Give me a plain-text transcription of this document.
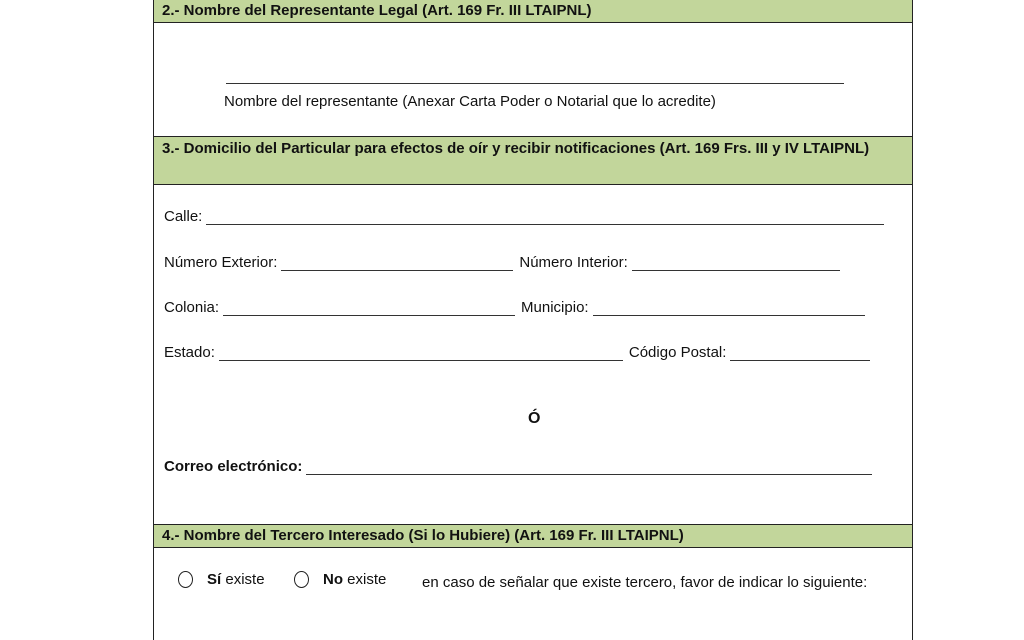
2.- Nombre del Representante Legal (Art. 169 Fr. III LTAIPNL)
Nombre del representante (Anexar Carta Poder o Notarial que lo acredite)
3.- Domicilio del Particular para efectos de oír y recibir notificaciones (Art. 169 Frs. III y IV LTAIPNL)
Calle:
Número Exterior:	Número Interior:
Colonia:	Municipio:
Estado:	Código Postal:
Ó
Correo electrónico:
4.- Nombre del Tercero Interesado (Si lo Hubiere) (Art. 169 Fr. III LTAIPNL)
Sí existe	No existe en caso de señalar que existe tercero, favor de indicar lo siguiente:
